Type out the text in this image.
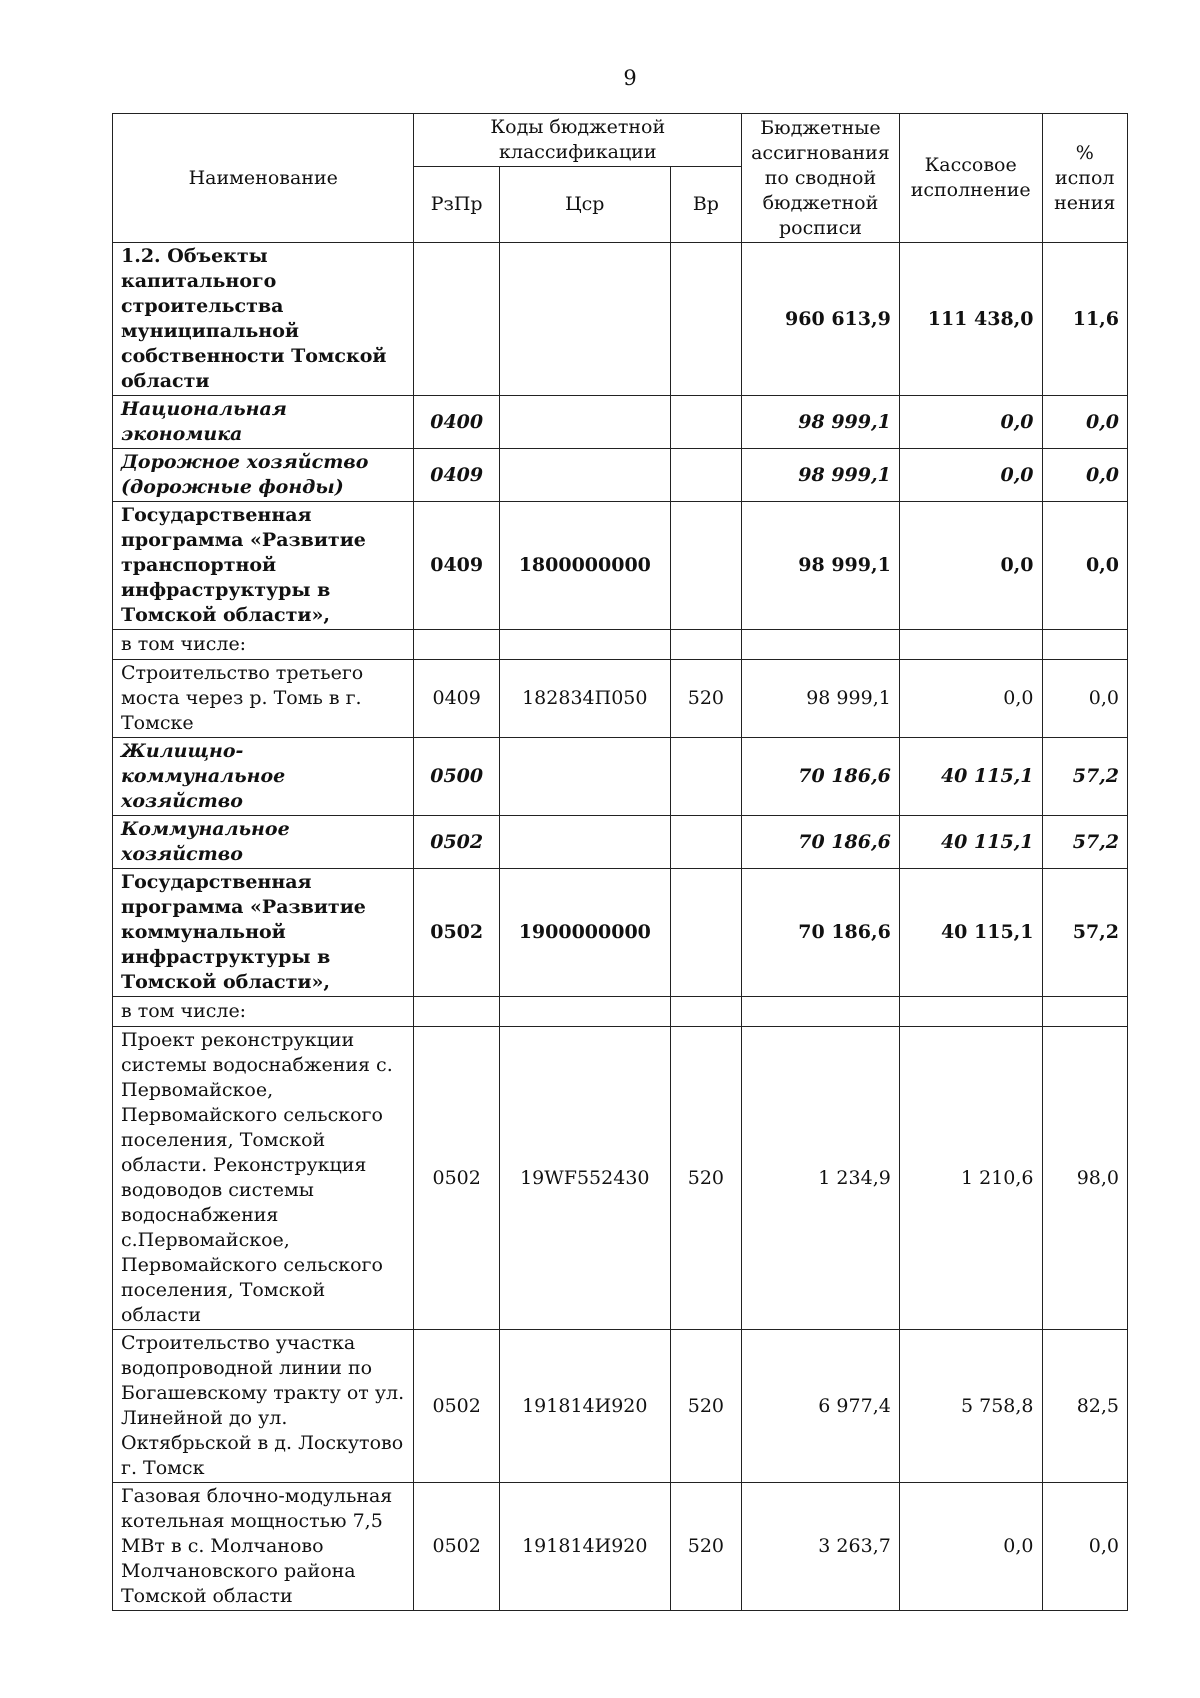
9
Наименование	Коды бюджетной классификации			Бюджетные ассигнования по сводной бюджетной росписи	Кассовое исполнение	% испол нения
	РзПр	Цср	Вр			
1.2. Объекты капитального строительства муниципальной собственности Томской области				960 613,9	111 438,0	11,6
Национальная экономика	0400			98 999,1	0,0	0,0
Дорожное хозяйство (дорожные фонды)	0409			98 999,1	0,0	0,0
Государственная программа «Развитие транспортной инфраструктуры в Томской области»,	0409	1800000000		98 999,1	0,0	0,0
в том числе:						
Строительство третьего моста через р. Томь в г. Томске	0409	182834П050	520	98 999,1	0,0	0,0
Жилищно-коммунальное хозяйство	0500			70 186,6	40 115,1	57,2
Коммунальное хозяйство	0502			70 186,6	40 115,1	57,2
Государственная программа «Развитие коммунальной инфраструктуры в Томской области»,	0502	1900000000		70 186,6	40 115,1	57,2
в том числе:						
Проект реконструкции системы водоснабжения с. Первомайское, Первомайского сельского поселения, Томской области. Реконструкция водоводов системы водоснабжения с.Первомайское, Первомайского сельского поселения, Томской области	0502	19WF552430	520	1 234,9	1 210,6	98,0
Строительство участка водопроводной линии по Богашевскому тракту от ул. Линейной до ул. Октябрьской в д. Лоскутово г. Томск	0502	191814И920	520	6 977,4	5 758,8	82,5
Газовая блочно-модульная котельная мощностью 7,5 МВт в с. Молчаново Молчановского района Томской области	0502	191814И920	520	3 263,7	0,0	0,0
